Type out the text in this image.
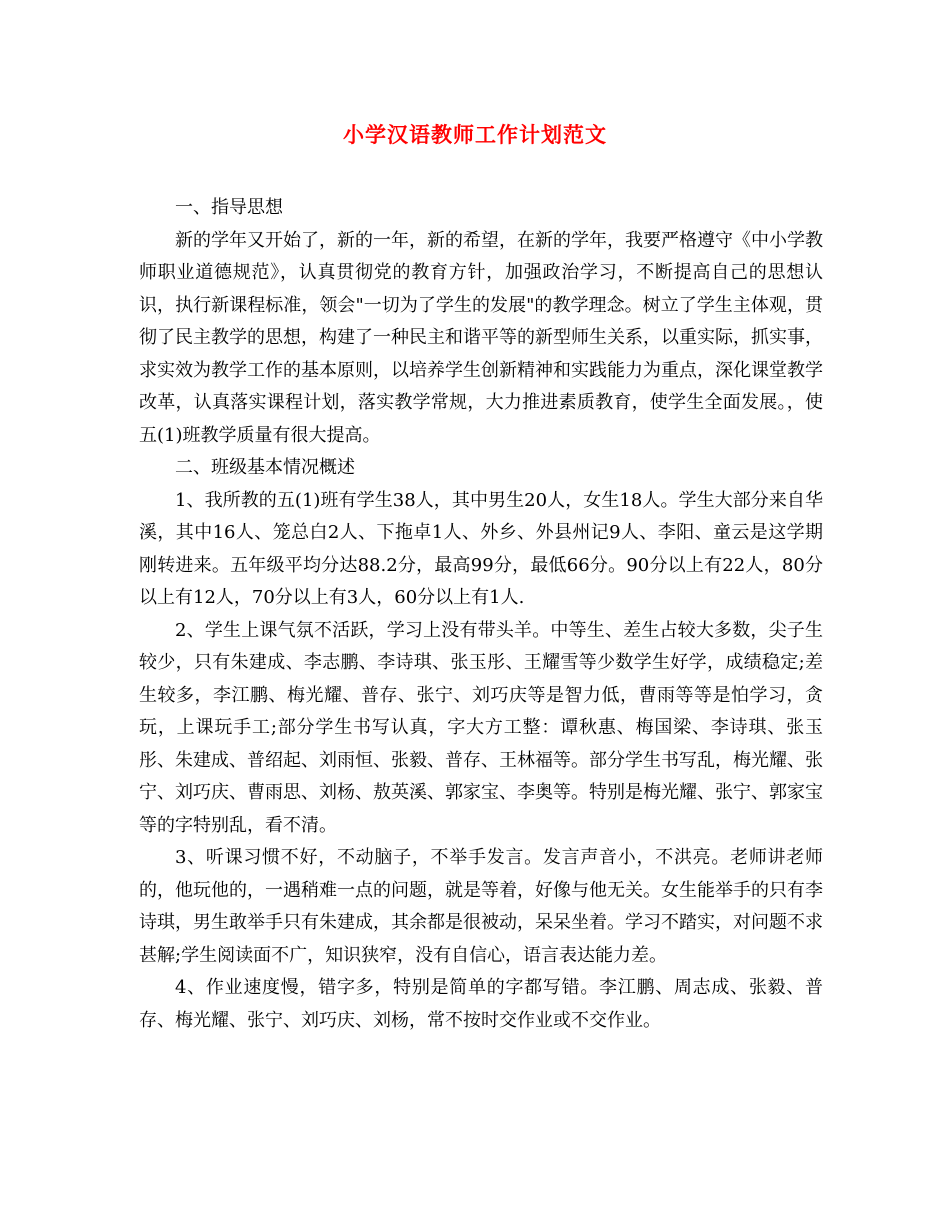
小学汉语教师工作计划范文

一、指导思想

新的学年又开始了，新的一年，新的希望，在新的学年，我要严格遵守《中小学教师职业道德规范》，认真贯彻党的教育方针，加强政治学习，不断提高自己的思想认识，执行新课程标准，领会"一切为了学生的发展"的教学理念。树立了学生主体观，贯彻了民主教学的思想，构建了一种民主和谐平等的新型师生关系，以重实际，抓实事，求实效为教学工作的基本原则，以培养学生创新精神和实践能力为重点，深化课堂教学改革，认真落实课程计划，落实教学常规，大力推进素质教育，使学生全面发展。，使五(1)班教学质量有很大提高。

二、班级基本情况概述

1、我所教的五(1)班有学生38人，其中男生20人，女生18人。学生大部分来自华溪，其中16人、笼总白2人、下拖卓1人、外乡、外县州记9人、李阳、童云是这学期刚转进来。五年级平均分达88.2分，最高99分，最低66分。90分以上有22人，80分以上有12人，70分以上有3人，60分以上有1人.

2、学生上课气氛不活跃，学习上没有带头羊。中等生、差生占较大多数，尖子生较少，只有朱建成、李志鹏、李诗琪、张玉彤、王耀雪等少数学生好学，成绩稳定;差生较多，李江鹏、梅光耀、普存、张宁、刘巧庆等是智力低，曹雨等等是怕学习，贪玩，上课玩手工;部分学生书写认真，字大方工整：谭秋惠、梅国梁、李诗琪、张玉彤、朱建成、普绍起、刘雨恒、张毅、普存、王林福等。部分学生书写乱，梅光耀、张宁、刘巧庆、曹雨思、刘杨、敖英溪、郭家宝、李奥等。特别是梅光耀、张宁、郭家宝等的字特别乱，看不清。

3、听课习惯不好，不动脑子，不举手发言。发言声音小，不洪亮。老师讲老师的，他玩他的，一遇稍难一点的问题，就是等着，好像与他无关。女生能举手的只有李诗琪，男生敢举手只有朱建成，其余都是很被动，呆呆坐着。学习不踏实，对问题不求甚解;学生阅读面不广，知识狭窄，没有自信心，语言表达能力差。

4、作业速度慢，错字多，特别是简单的字都写错。李江鹏、周志成、张毅、普存、梅光耀、张宁、刘巧庆、刘杨，常不按时交作业或不交作业。
